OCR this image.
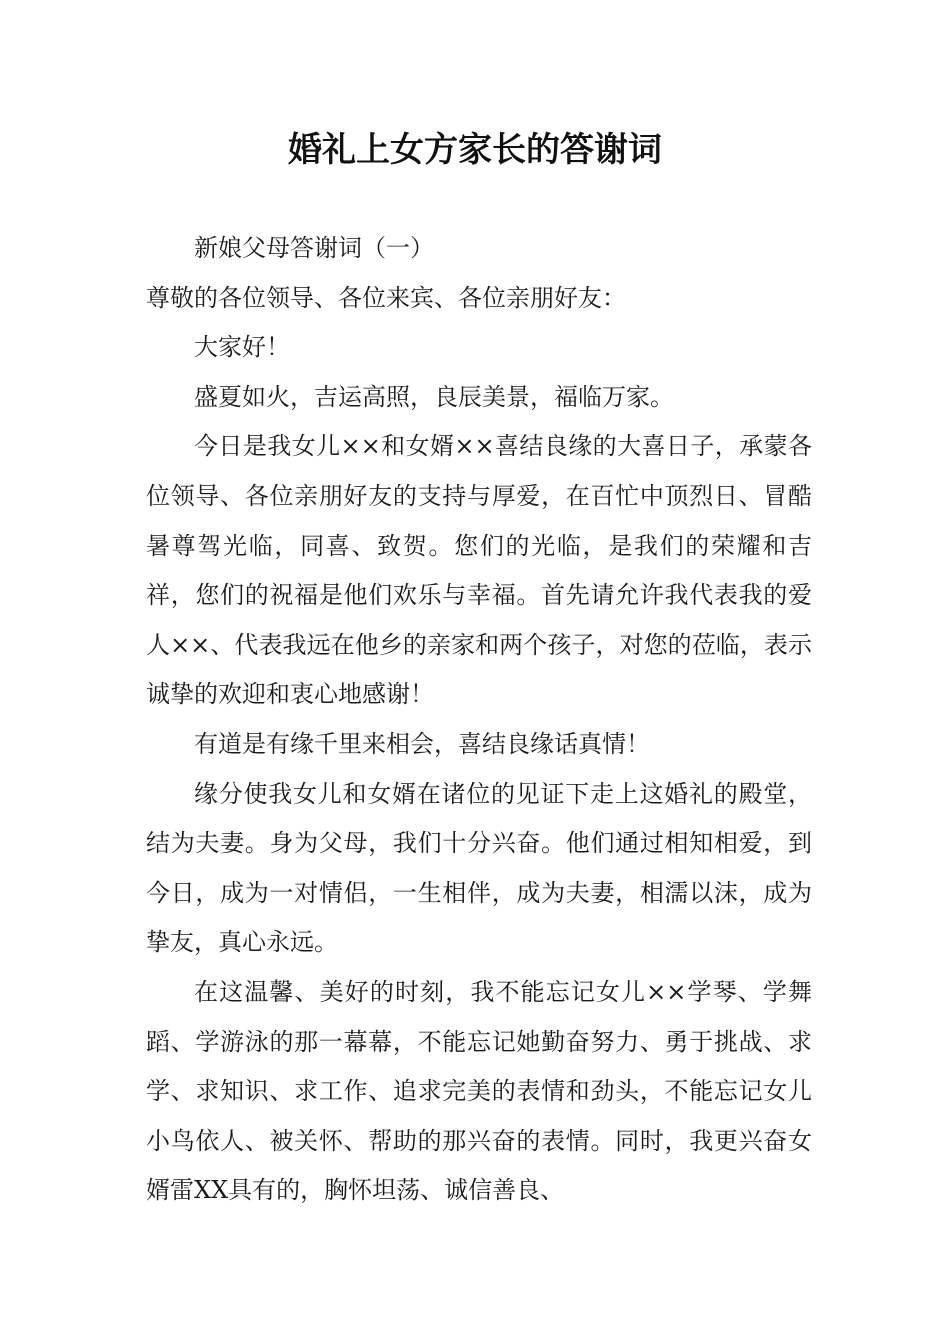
婚礼上女方家长的答谢词

新娘父母答谢词（一）

尊敬的各位领导、各位来宾、各位亲朋好友：

大家好！

盛夏如火，吉运高照，良辰美景，福临万家。

今日是我女儿××和女婿××喜结良缘的大喜日子，承蒙各位领导、各位亲朋好友的支持与厚爱，在百忙中顶烈日、冒酷暑尊驾光临，同喜、致贺。您们的光临，是我们的荣耀和吉祥，您们的祝福是他们欢乐与幸福。首先请允许我代表我的爱人××、代表我远在他乡的亲家和两个孩子，对您的莅临，表示诚挚的欢迎和衷心地感谢！

有道是有缘千里来相会，喜结良缘话真情！

缘分使我女儿和女婿在诸位的见证下走上这婚礼的殿堂，结为夫妻。身为父母，我们十分兴奋。他们通过相知相爱，到今日，成为一对情侣，一生相伴，成为夫妻，相濡以沫，成为挚友，真心永远。

在这温馨、美好的时刻，我不能忘记女儿××学琴、学舞蹈、学游泳的那一幕幕，不能忘记她勤奋努力、勇于挑战、求学、求知识、求工作、追求完美的表情和劲头，不能忘记女儿小鸟依人、被关怀、帮助的那兴奋的表情。同时，我更兴奋女婿雷XX具有的，胸怀坦荡、诚信善良、
